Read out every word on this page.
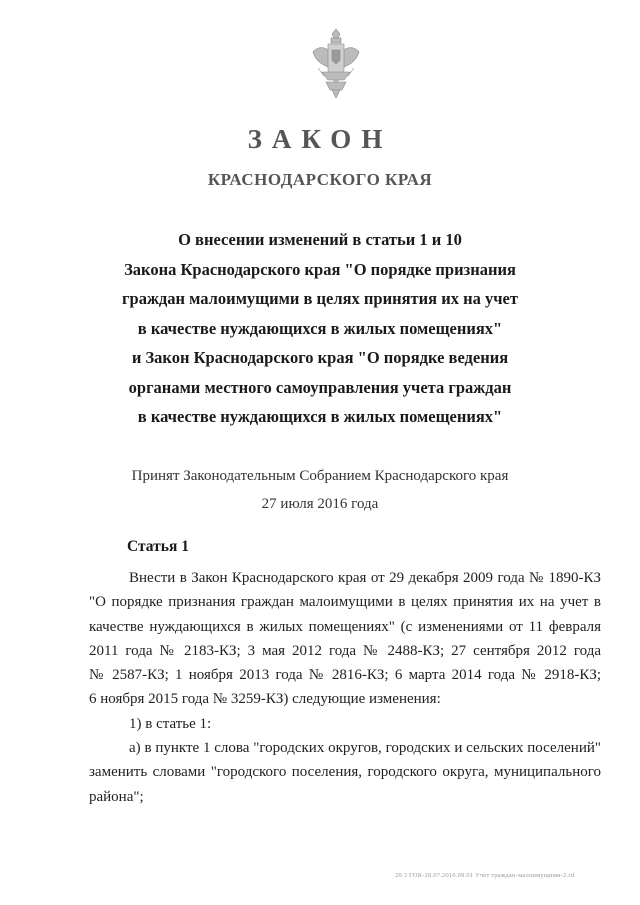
ЗАКОН
КРАСНОДАРСКОГО КРАЯ
О внесении изменений в статьи 1 и 10
Закона Краснодарского края "О порядке признания
граждан малоимущими в целях принятия их на учет
в качестве нуждающихся в жилых помещениях"
и Закон Краснодарского края "О порядке ведения
органами местного самоуправления учета граждан
в качестве нуждающихся в жилых помещениях"
Принят Законодательным Собранием Краснодарского края
27 июля 2016 года
Статья 1
Внести в Закон Краснодарского края от 29 декабря 2009 года № 1890-КЗ
"О порядке признания граждан малоимущими в целях принятия их на учет в
качестве нуждающихся в жилых помещениях" (с изменениями от 11 февраля
2011 года № 2183-КЗ; 3 мая 2012 года № 2488-КЗ; 27 сентября 2012 года
№ 2587-КЗ; 1 ноября 2013 года № 2816-КЗ; 6 марта 2014 года № 2918-КЗ;
6 ноября 2015 года № 3259-КЗ) следующие изменения:
1) в статье 1:
а) в пункте 1 слова "городских округов, городских и сельских поселений"
заменить словами "городского поселения, городского округа, муниципального
района";
20.3 ГОК-28.07.2016.09.01 Учет граждан-малоимущими-2.rtf
